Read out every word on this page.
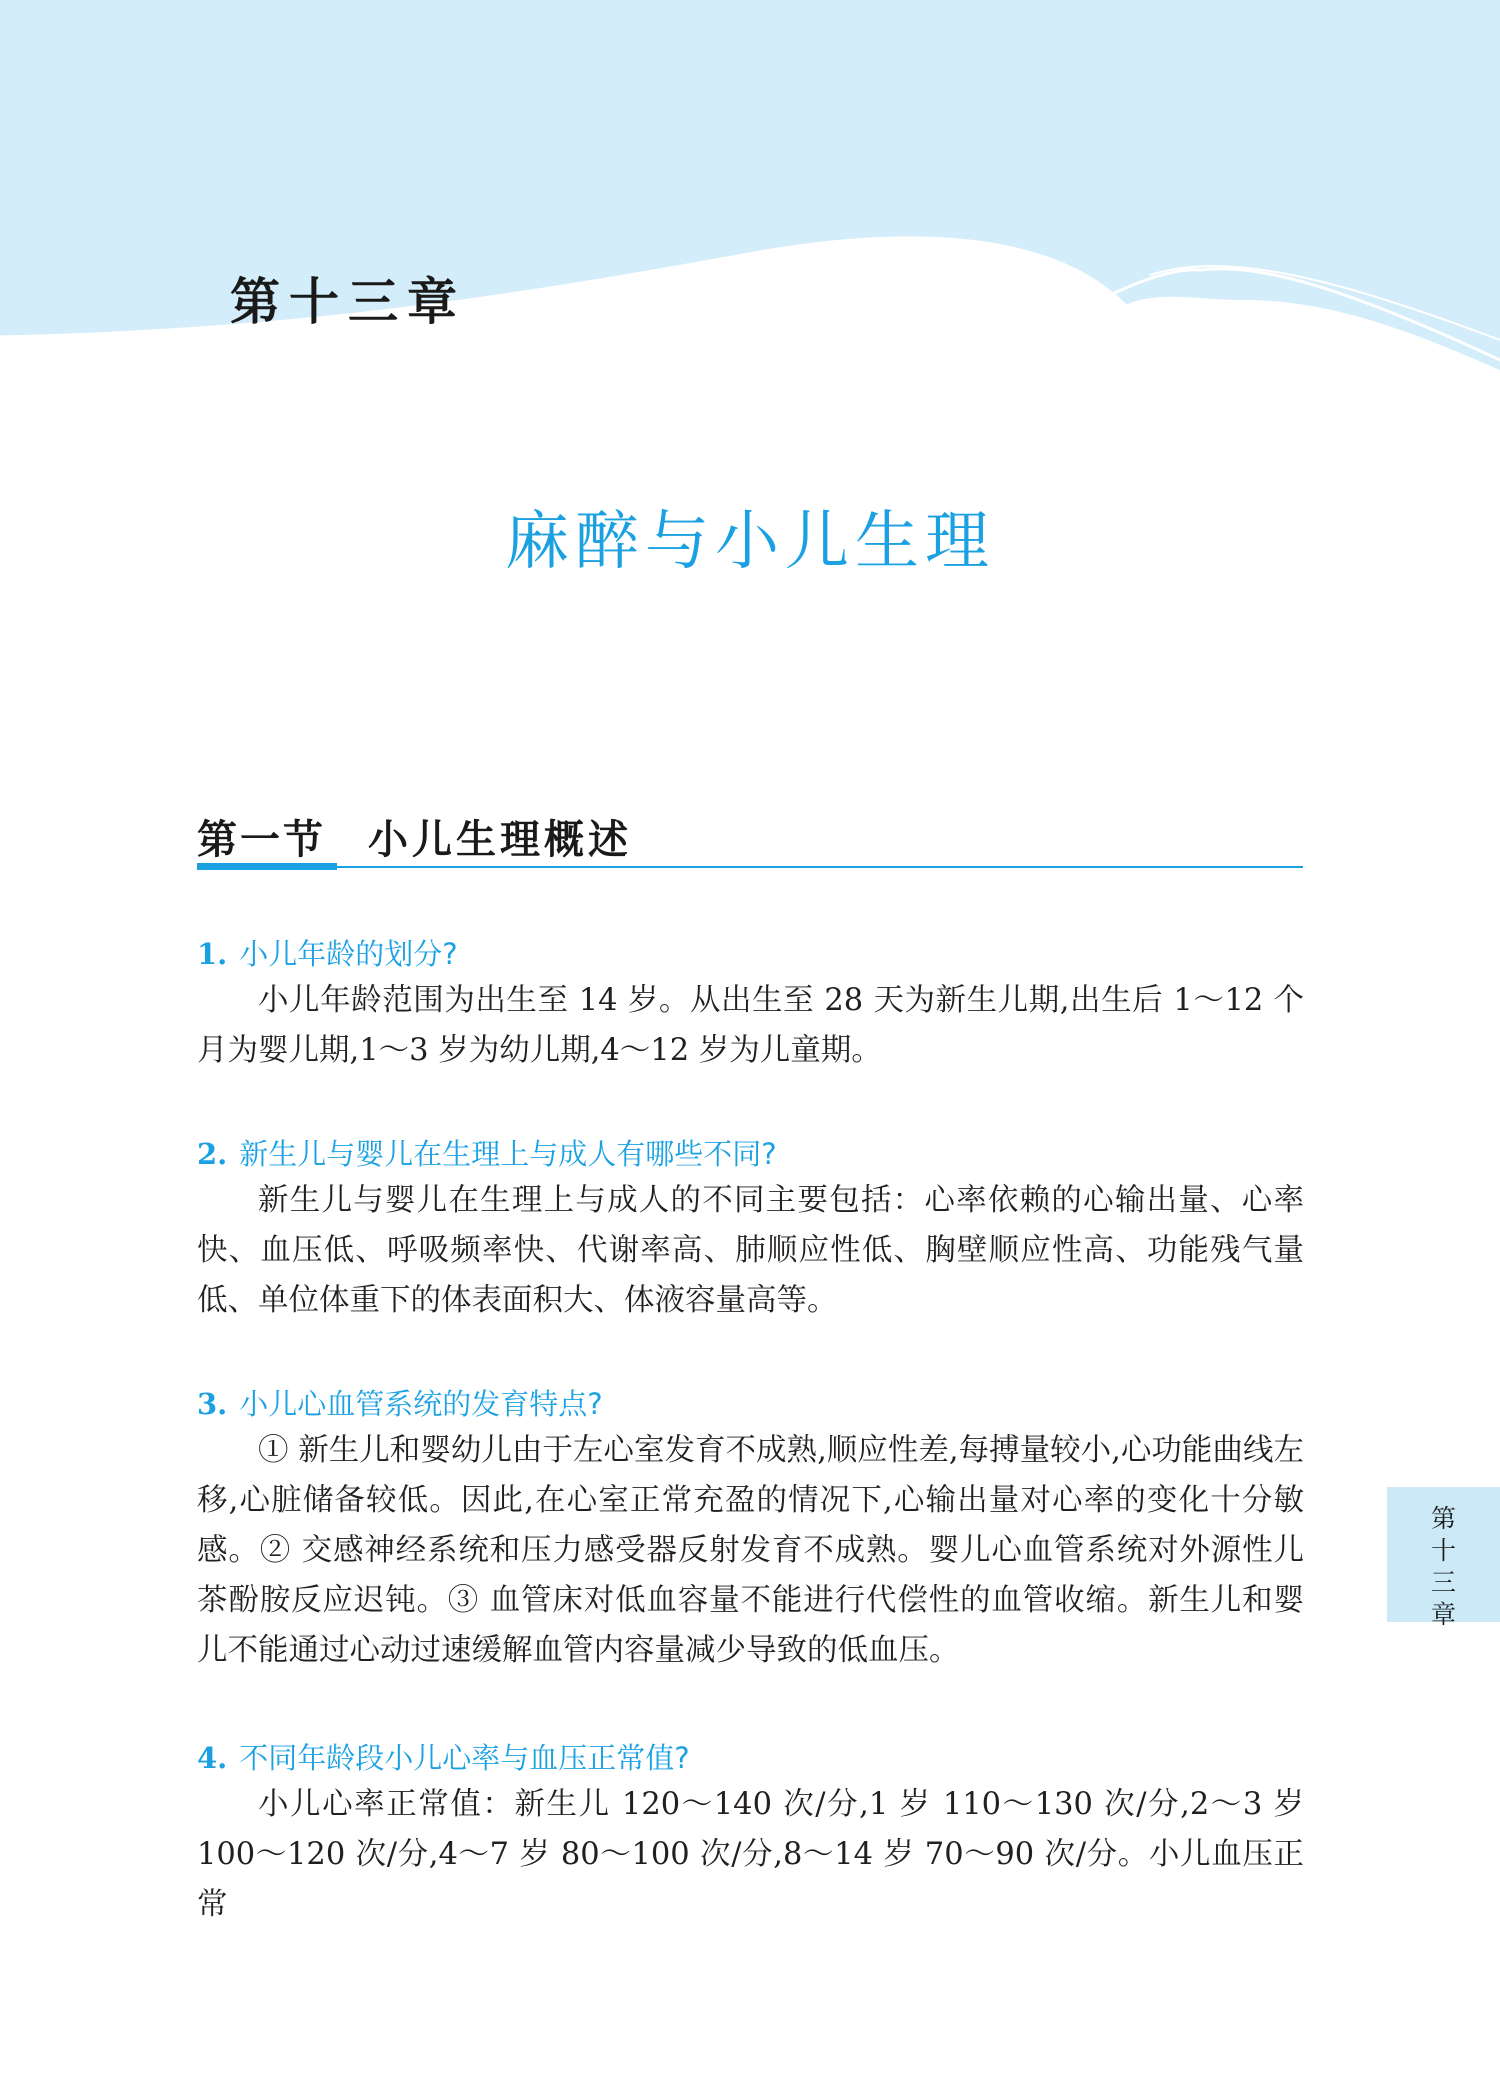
第十三章
麻醉与小儿生理
第一节 小儿生理概述
1. 小儿年龄的划分?
小儿年龄范围为出生至 14 岁。从出生至 28 天为新生儿期,出生后 1～12 个月为婴儿期,1～3 岁为幼儿期,4～12 岁为儿童期。
2. 新生儿与婴儿在生理上与成人有哪些不同?
新生儿与婴儿在生理上与成人的不同主要包括：心率依赖的心输出量、心率快、血压低、呼吸频率快、代谢率高、肺顺应性低、胸壁顺应性高、功能残气量低、单位体重下的体表面积大、体液容量高等。
3. 小儿心血管系统的发育特点?
① 新生儿和婴幼儿由于左心室发育不成熟,顺应性差,每搏量较小,心功能曲线左移,心脏储备较低。因此,在心室正常充盈的情况下,心输出量对心率的变化十分敏感。② 交感神经系统和压力感受器反射发育不成熟。婴儿心血管系统对外源性儿茶酚胺反应迟钝。③ 血管床对低血容量不能进行代偿性的血管收缩。新生儿和婴儿不能通过心动过速缓解血管内容量减少导致的低血压。
4. 不同年龄段小儿心率与血压正常值?
小儿心率正常值：新生儿 120～140 次/分,1 岁 110～130 次/分,2～3 岁 100～120 次/分,4～7 岁 80～100 次/分,8～14 岁 70～90 次/分。小儿血压正常
第
十
三
章
